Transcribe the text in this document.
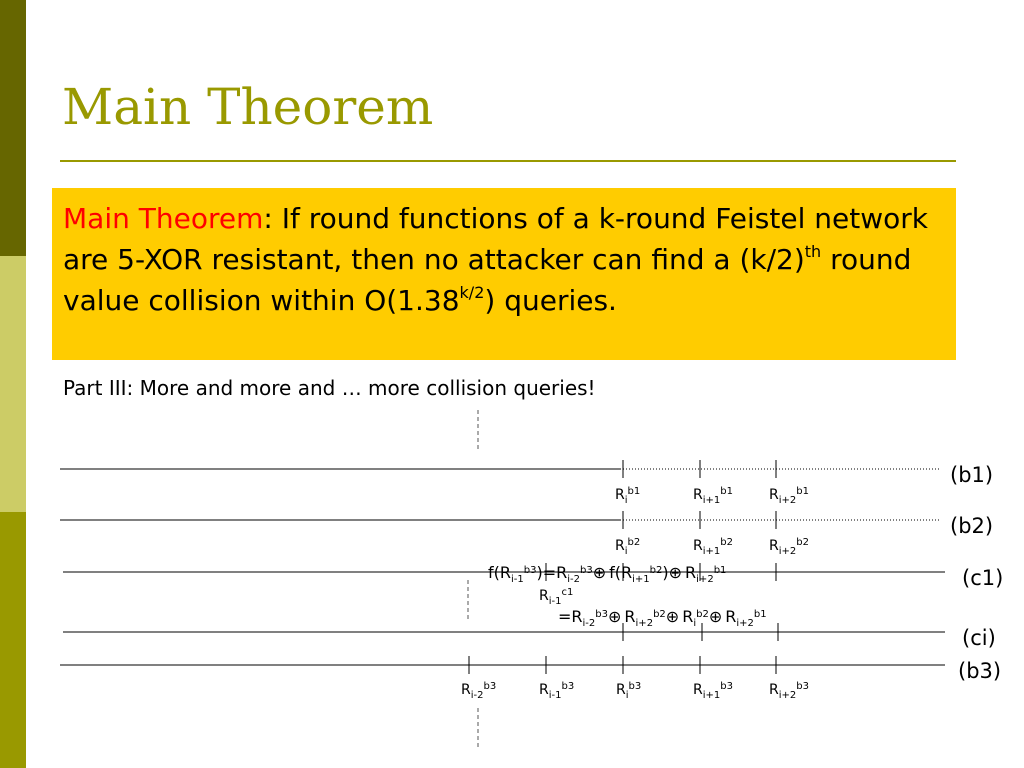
Main Theorem
Main Theorem: If round functions of a k-round Feistel network are 5-XOR resistant, then no attacker can find a $(k/2)^{th}$ round value collision within $O(1.38^{k/2})$ queries.
Part III: More and more and … more collision queries!
(b1)
$R_i^{b1}$	$R_{i+1}^{b1}$	$R_{i+2}^{b1}$
(b2)
$R_i^{b2}$	$R_{i+1}^{b2}$	$R_{i+2}^{b2}$
(c1)
$f(R_{i-1}^{b3})=R_{i-2}^{b3}\oplus$ $f(R_{i+1}^{b2})\oplus$ $R_{i+2}^{b1}$
$R_{i-1}^{c1}$
$=R_{i-2}^{b3}\oplus$ $R_{i+2}^{b2}\oplus$ $R_i^{b2}\oplus$ $R_{i+2}^{b1}$
(ci)
(b3)
$R_{i-2}^{b3}$	$R_{i-1}^{b3}$	$R_i^{b3}$	$R_{i+1}^{b3}$	$R_{i+2}^{b3}$
